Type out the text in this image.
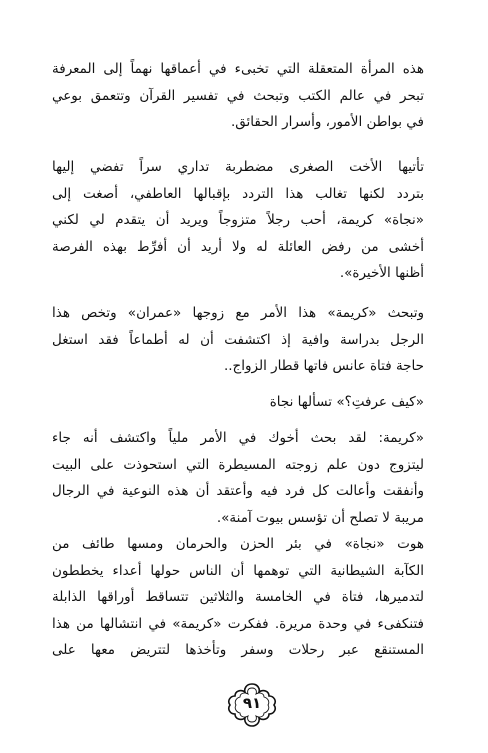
هذه المرأة المتعقلة التي تخبىء في أعماقها نهماً إلى المعرفة
تبحر في عالم الكتب وتبحث في تفسير القرآن وتتعمق بوعي
في بواطن الأمور، وأسرار الحقائق.
تأتيها الأخت الصغرى مضطربة تداري سراً تفضي إليها
بتردد لكنها تغالب هذا التردد بإقبالها العاطفي، أصغت إلى
«نجاة» كريمة، أحب رجلاً متزوجاً ويريد أن يتقدم لي لكني
أخشى من رفض العائلة له ولا أريد أن أفرِّط بهذه الفرصة
أظنها الأخيرة».
وتبحث «كريمة» هذا الأمر مع زوجها «عمران» وتخص هذا
الرجل بدراسة وافية إذ اكتشفت أن له أطماعاً فقد استغل
حاجة فتاة عانس فاتها قطار الزواج..
«كيف عرفتِ؟» تسألها نجاة
«كريمة: لقد بحث أخوك في الأمر ملياً واكتشف أنه جاء
ليتزوج دون علم زوجته المسيطرة التي استحوذت على البيت
وأنفقت وأعالت كل فرد فيه وأعتقد أن هذه النوعية في الرجال
مريبة لا تصلح أن تؤسس بيوت آمنة».
هوت «نجاة» في بئر الحزن والحرمان ومسها طائف من
الكآبة الشيطانية التي توهمها أن الناس حولها أعداء يخططون
لتدميرها، فتاة في الخامسة والثلاثين تتساقط أوراقها الذابلة
فتنكفىء في وحدة مريرة. ففكرت «كريمة» في انتشالها من هذا
المستنقع عبر رحلات وسفر وتأخذها لتتريض معها على
٩١
